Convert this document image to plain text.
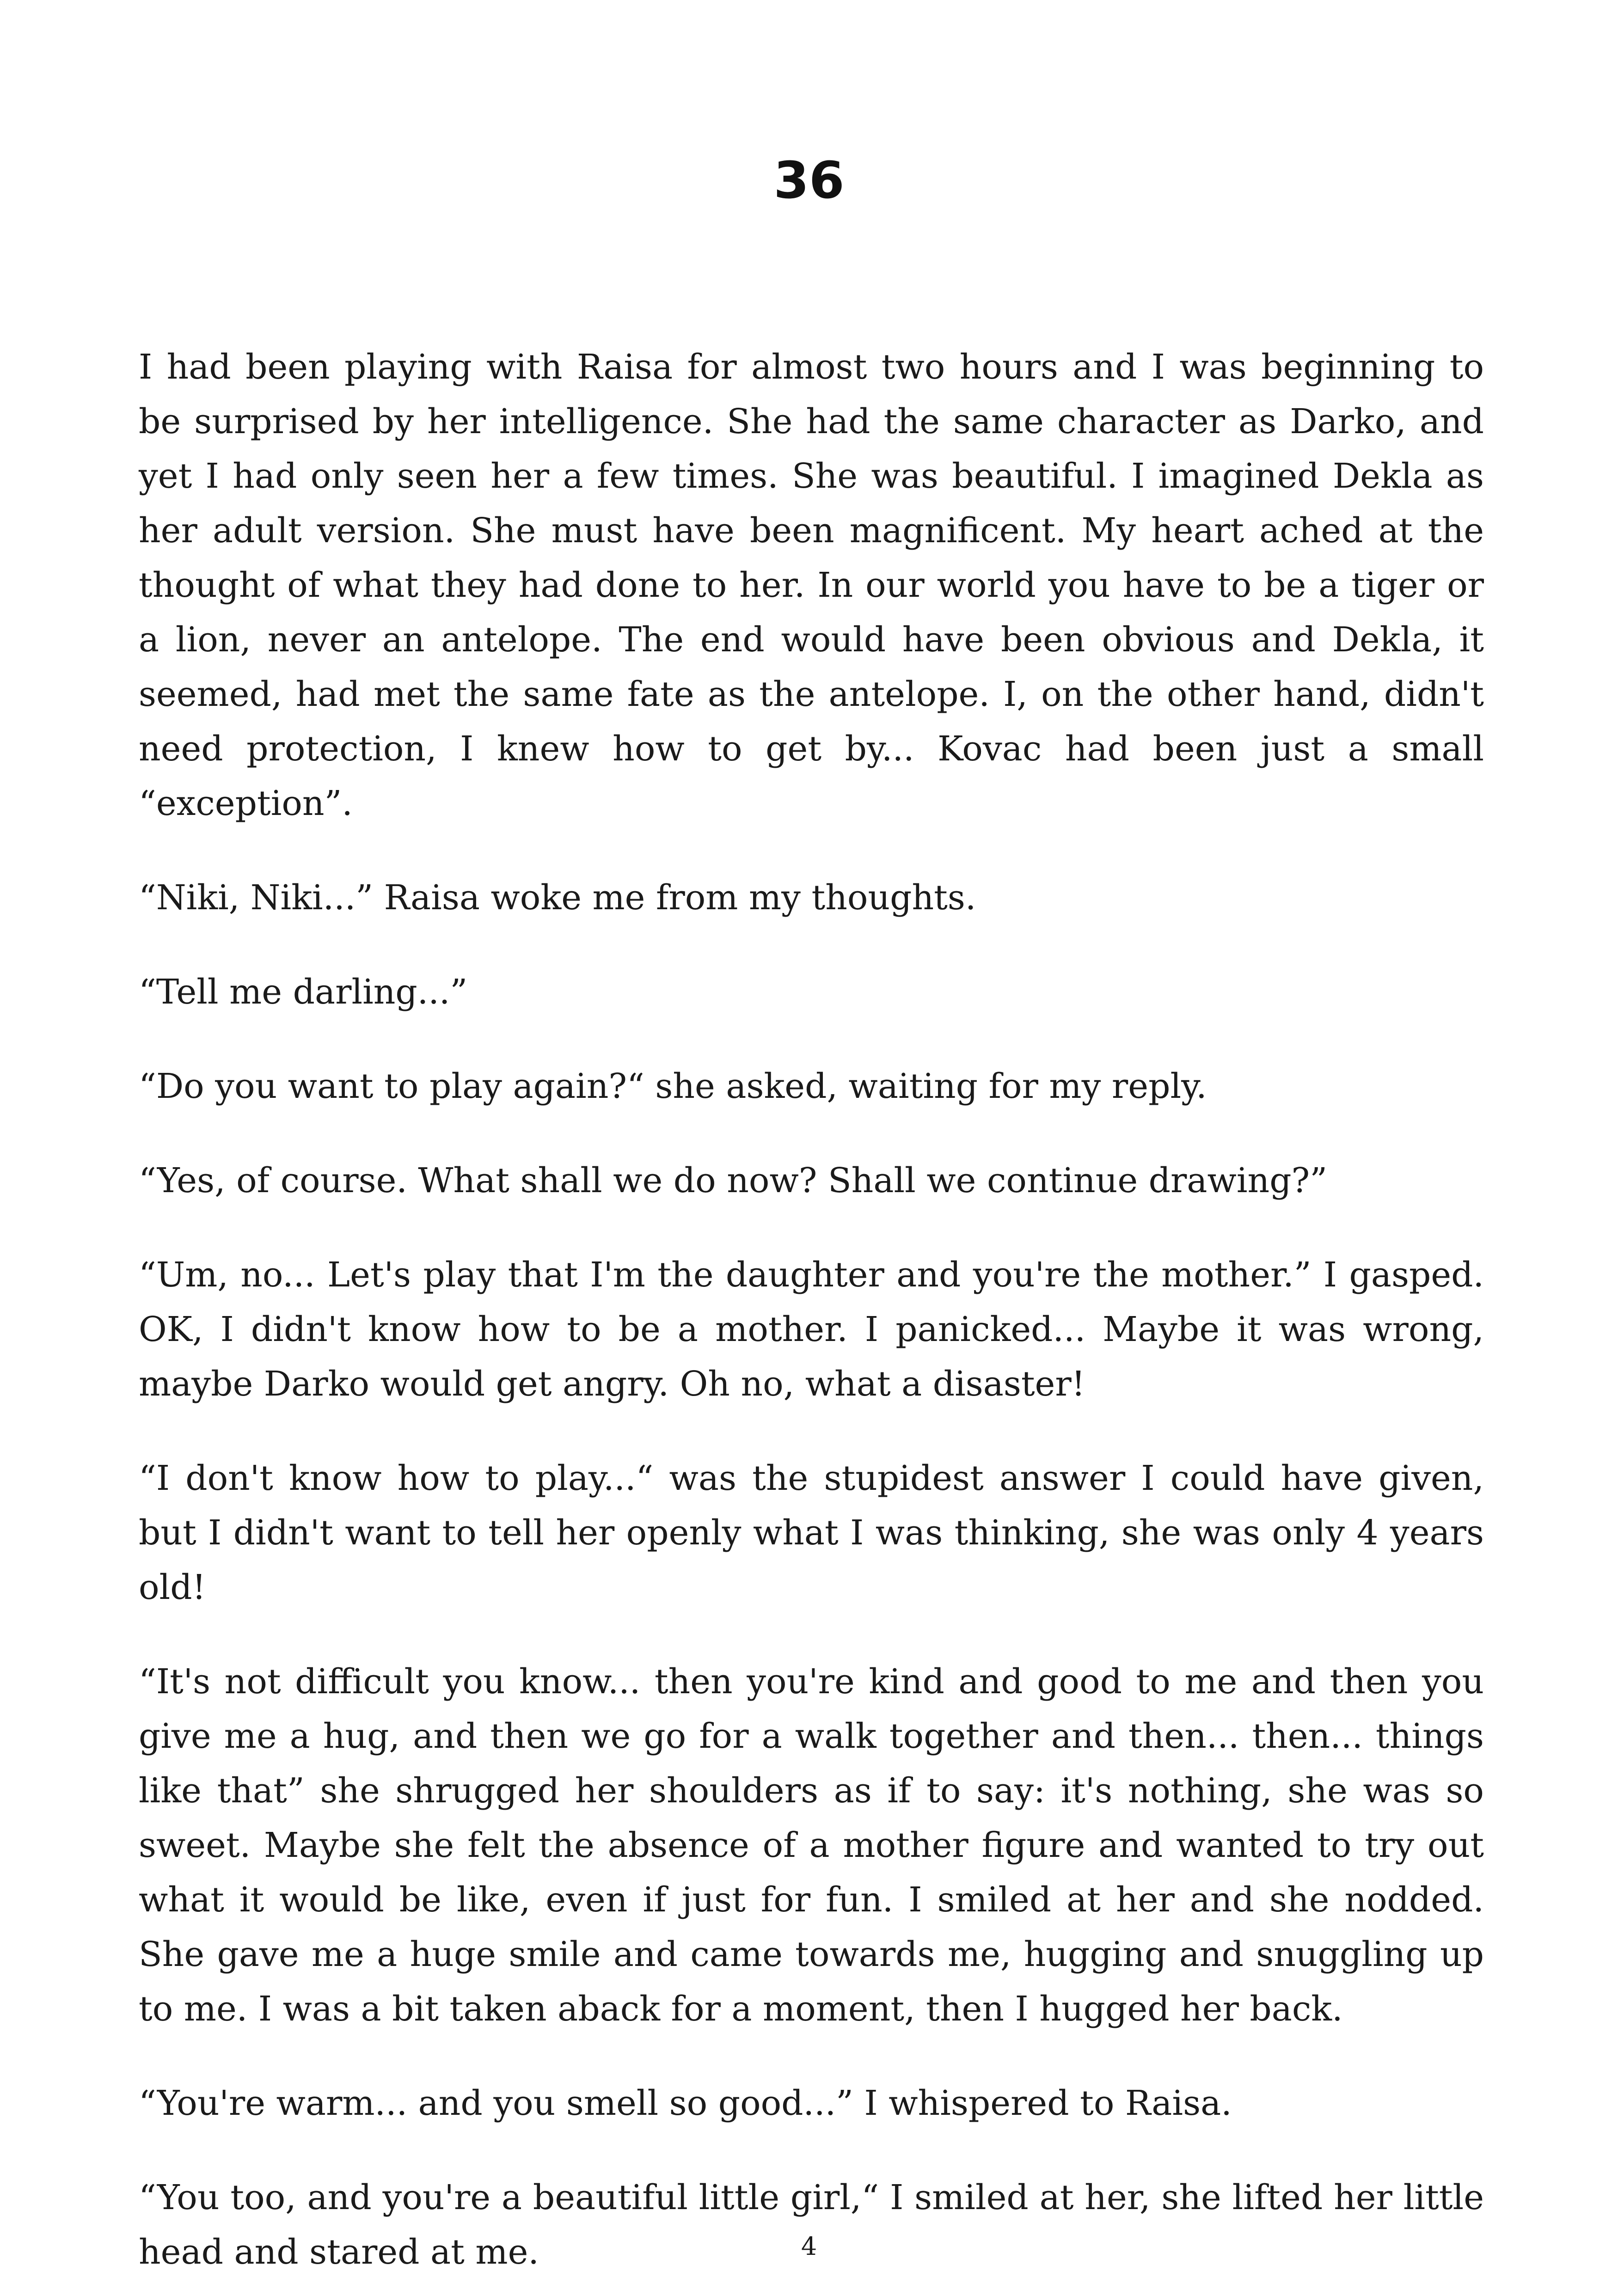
36

I had been playing with Raisa for almost two hours and I was beginning to be surprised by her intelligence. She had the same character as Darko, and yet I had only seen her a few times. She was beautiful. I imagined Dekla as her adult version. She must have been magnificent. My heart ached at the thought of what they had done to her. In our world you have to be a tiger or a lion, never an antelope. The end would have been obvious and Dekla, it seemed, had met the same fate as the antelope. I, on the other hand, didn't need protection, I knew how to get by... Kovac had been just a small “exception”.

“Niki, Niki...” Raisa woke me from my thoughts.

“Tell me darling...”

“Do you want to play again?“ she asked, waiting for my reply.

“Yes, of course. What shall we do now? Shall we continue drawing?”

“Um, no... Let's play that I'm the daughter and you're the mother.” I gasped. OK, I didn't know how to be a mother. I panicked... Maybe it was wrong, maybe Darko would get angry. Oh no, what a disaster!

“I don't know how to play...“ was the stupidest answer I could have given, but I didn't want to tell her openly what I was thinking, she was only 4 years old!

“It's not difficult you know... then you're kind and good to me and then you give me a hug, and then we go for a walk together and then... then... things like that” she shrugged her shoulders as if to say: it's nothing, she was so sweet. Maybe she felt the absence of a mother figure and wanted to try out what it would be like, even if just for fun. I smiled at her and she nodded. She gave me a huge smile and came towards me, hugging and snuggling up to me. I was a bit taken aback for a moment, then I hugged her back.

“You're warm... and you smell so good...” I whispered to Raisa.

“You too, and you're a beautiful little girl,“ I smiled at her, she lifted her little head and stared at me.	4
